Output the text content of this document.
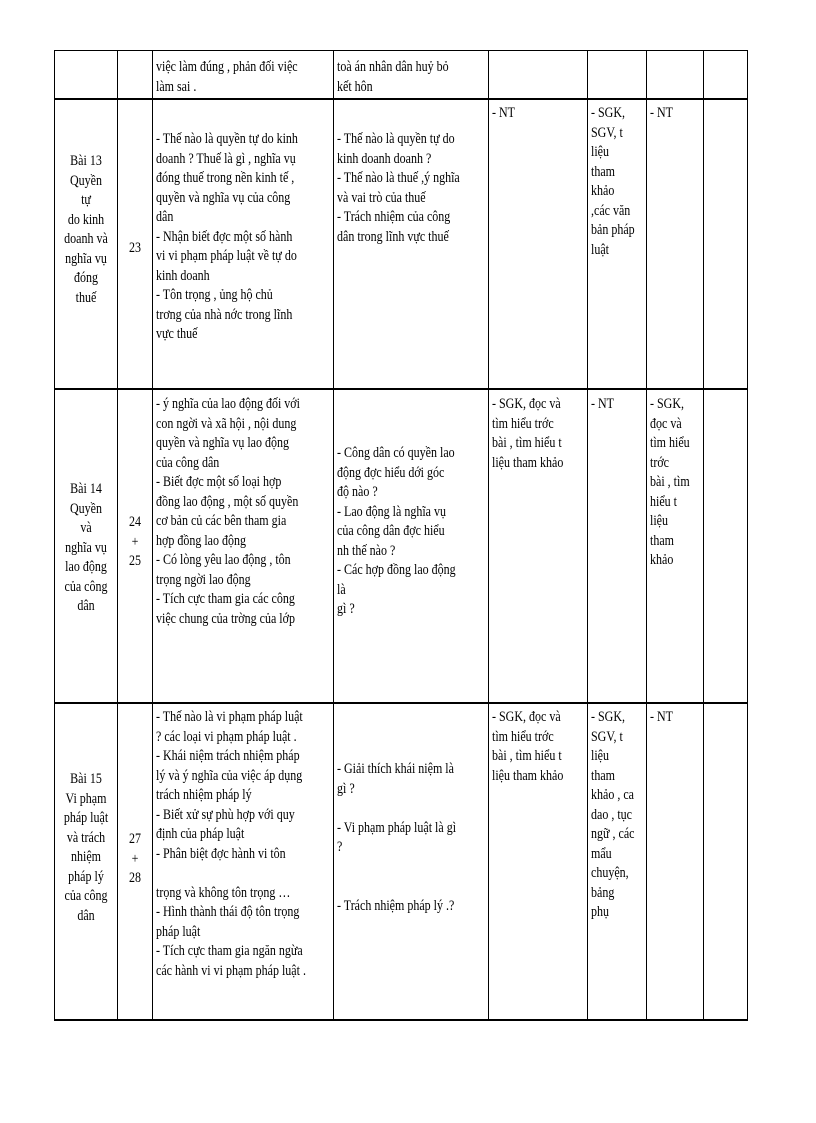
việc làm đúng , phản đối việc
làm sai .
toà án nhân dân huỷ bỏ
kết hôn
Bài 13
Quyền tự
do kinh
doanh và
nghĩa vụ
đóng
thuế
23
- Thế nào là quyền tự do kinh
doanh ? Thuế là gì , nghĩa vụ
đóng thuế trong nền kinh tế ,
quyền và nghĩa vụ của công
dân
- Nhận biết đợc một số hành
vi vi phạm pháp luật về tự do
kinh doanh
- Tôn trọng , ủng hộ chủ
trơng của nhà nớc trong lĩnh
vực thuế
- Thế nào là quyền tự do
kinh doanh doanh ?
- Thế nào là thuế ,ý nghĩa
và vai trò của thuế
- Trách nhiệm của công
dân trong lĩnh vực thuế
- NT	- SGK,
SGV, t
liệu
tham
khảo
,các văn
bản pháp
luật
- NT
Bài 14
Quyền và
nghĩa vụ
lao động
của công
dân
24
+
25
- ý nghĩa của lao động đối với
con ngời và xã hội , nội dung
quyền và nghĩa vụ lao động
của công dân
- Biết đợc một số loại hợp
đồng lao động , một số quyền
cơ bản củ các bên tham gia
hợp đồng lao động
- Có lòng yêu lao động , tôn
trọng ngời lao động
- Tích cực tham gia các công
việc chung của trờng của lớp
- Công dân có quyền lao
động đợc hiểu dới góc
độ nào ?
- Lao động là nghĩa vụ
của công dân đợc hiểu
nh thế nào ?
- Các hợp đồng lao động
là
gì ?
- SGK, đọc và
tìm hiểu trớc
bài , tìm hiểu t
liệu tham khảo
- NT	- SGK,
đọc và
tìm hiểu
trớc
bài , tìm
hiểu t
liệu
tham
khảo
Bài 15
Vi phạm
pháp luật
và trách
nhiệm
pháp lý
của công
dân
27
+
28
- Thế nào là vi phạm pháp luật
? các loại vi phạm pháp luật .
- Khái niệm trách nhiệm pháp
lý và ý nghĩa của việc áp dụng
trách nhiệm pháp lý
- Biết xử sự phù hợp với quy
định của pháp luật
- Phân biệt đợc hành vi tôn

trọng và không tôn trọng …
- Hình thành thái độ tôn trọng
pháp luật
- Tích cực tham gia ngăn ngừa
các hành vi vi phạm pháp luật .
- Giải thích khái niệm là
gì ?

- Vi phạm pháp luật là gì
?

- Trách nhiệm pháp lý .?
- SGK, đọc và
tìm hiểu trớc
bài , tìm hiểu t
liệu tham khảo
- SGK,
SGV, t
liệu
tham
khảo , ca
dao , tục
ngữ , các
mẩu
chuyện,
bảng
phụ
- NT
